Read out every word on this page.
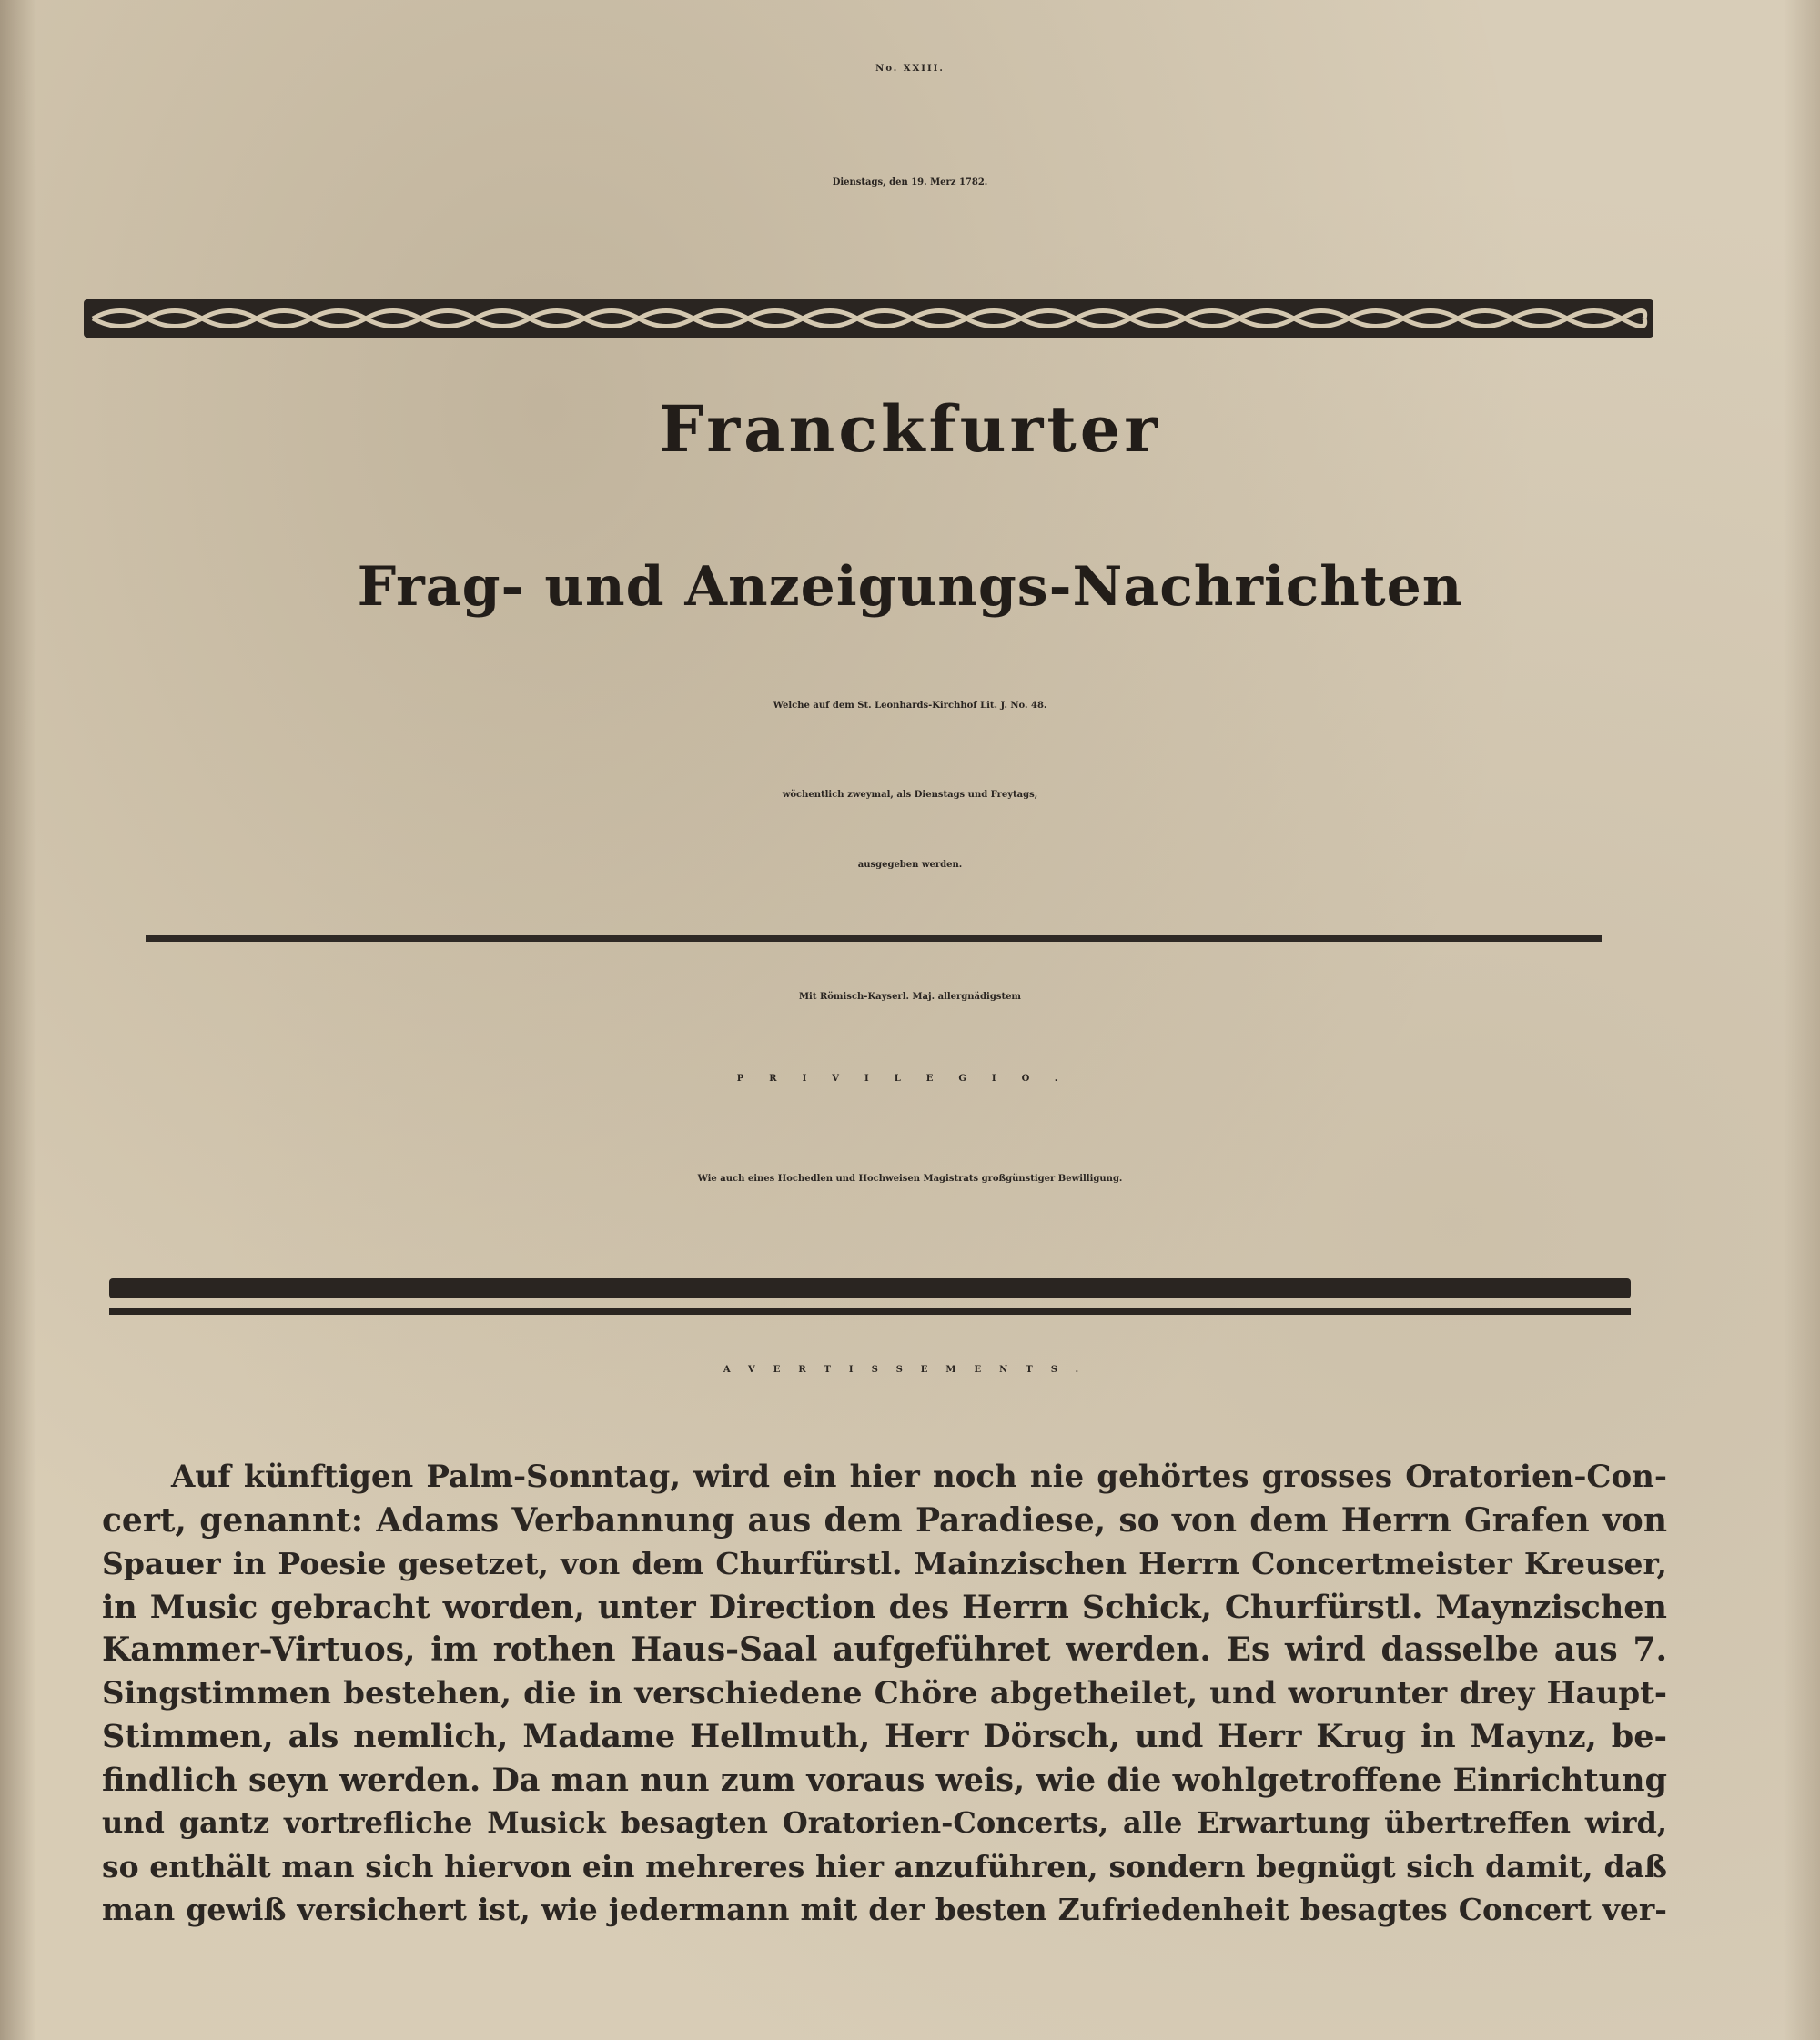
No. XXIII.
Dienstags, den 19. Merz 1782.
Franckfurter
Frag- und Anzeigungs-Nachrichten
Welche auf dem St. Leonhards-Kirchhof Lit. J. No. 48.
wöchentlich zweymal, als Dienstags und Freytags,
ausgegeben werden.
Mit Römisch-Kayserl. Maj. allergnädigstem
PRIVILEGIO.
Wie auch eines Hochedlen und Hochweisen Magistrats großgünstiger Bewilligung.
AVERTISSEMENTS.
Auf künftigen Palm-Sonntag, wird ein hier noch nie gehörtes grosses Oratorien-Con-
cert, genannt: Adams Verbannung aus dem Paradiese, so von dem Herrn Grafen von
Spauer in Poesie gesetzet, von dem Churfürstl. Mainzischen Herrn Concertmeister Kreuser,
in Music gebracht worden, unter Direction des Herrn Schick, Churfürstl. Maynzischen
Kammer-Virtuos, im rothen Haus-Saal aufgeführet werden. Es wird dasselbe aus 7.
Singstimmen bestehen, die in verschiedene Chöre abgetheilet, und worunter drey Haupt-
Stimmen, als nemlich, Madame Hellmuth, Herr Dörsch, und Herr Krug in Maynz, be-
findlich seyn werden. Da man nun zum voraus weis, wie die wohlgetroffene Einrichtung
und gantz vortrefliche Musick besagten Oratorien-Concerts, alle Erwartung übertreffen wird,
so enthält man sich hiervon ein mehreres hier anzuführen, sondern begnügt sich damit, daß
man gewiß versichert ist, wie jedermann mit der besten Zufriedenheit besagtes Concert ver-
